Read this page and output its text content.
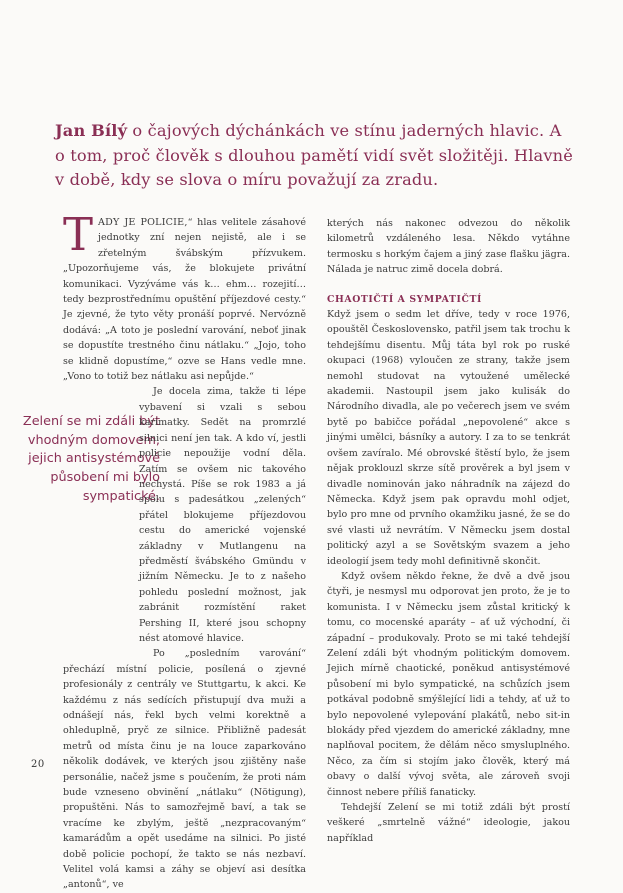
Jan Bílý o čajových dýchánkách ve stínu jaderných hlavic. A o tom, proč člověk s dlouhou pamětí vidí svět složitěji. Hlavně v době, kdy se slova o míru považují za zradu.
Zelení se mi zdáli být vhodným domovem, jejich antisystémové působení mi bylo sympatické.

TADY JE POLICIE,“ hlas velitele zásahové jednotky zní nejen nejistě, ale i se zřetelným švábským přízvukem. „Upozorňujeme vás, že blokujete privátní komunikaci. Vyzýváme vás k… ehm… rozejití… tedy bezprostřednímu opuštění příjezdové cesty.“ Je zjevné, že tyto věty pronáší poprvé. Nervózně dodává: „A toto je poslední varování, neboť jinak se dopustíte trestného činu nátlaku.“ „Jojo, toho se klidně dopustíme,“ ozve se Hans vedle mne. „Vono to totiž bez nátlaku asi nepůjde.“

Je docela zima, takže ti lépe vybavení si vzali s sebou karimatky. Sedět na promrzlé silnici není jen tak. A kdo ví, jestli policie nepoužije vodní děla. Zatím se ovšem nic takového nechystá. Píše se rok 1983 a já spolu s padesátkou „zelených“ přátel blokujeme příjezdovou cestu do americké vojenské základny v Mutlangenu na předměstí švábského Gmündu v jižním Německu. Je to z našeho pohledu poslední možnost, jak zabránit rozmístění raket Pershing II, které jsou schopny nést atomové hlavice.

Po „posledním varování“ přechází místní policie, posílená o zjevné profesionály z centrály ve Stuttgartu, k akci. Ke každému z nás sedících přistupují dva muži a odnášejí nás, řekl bych velmi korektně a ohleduplně, pryč ze silnice. Přibližně padesát metrů od místa činu je na louce zaparkováno několik dodávek, ve kterých jsou zjištěny naše personálie, načež jsme s poučením, že proti nám bude vzneseno obvinění „nátlaku“ (Nötigung), propuštěni. Nás to samozřejmě baví, a tak se vracíme ke zbylým, ještě „nezpracovaným“ kamarádům a opět usedáme na silnici. Po jisté době policie pochopí, že takto se nás nezbaví. Velitel volá kamsi a záhy se objeví asi desítka „antonů“, ve

kterých nás nakonec odvezou do několik kilometrů vzdáleného lesa. Někdo vytáhne termosku s horkým čajem a jiný zase flašku jägra. Nálada je natruc zimě docela dobrá.

CHAOTIČTÍ A SYMPATIČTÍ

Když jsem o sedm let dříve, tedy v roce 1976, opouštěl Československo, patřil jsem tak trochu k tehdejšímu disentu. Můj táta byl rok po ruské okupaci (1968) vyloučen ze strany, takže jsem nemohl studovat na vytoužené umělecké akademii. Nastoupil jsem jako kulisák do Národního divadla, ale po večerech jsem ve svém bytě po babičce pořádal „nepovolené“ akce s jinými umělci, básníky a autory. I za to se tenkrát ovšem zavíralo. Mé obrovské štěstí bylo, že jsem nějak proklouzl skrze sítě prověrek a byl jsem v divadle nominován jako náhradník na zájezd do Německa. Když jsem pak opravdu mohl odjet, bylo pro mne od prvního okamžiku jasné, že se do své vlasti už nevrátím. V Německu jsem dostal politický azyl a se Sovětským svazem a jeho ideologií jsem tedy mohl definitivně skončit.

Když ovšem někdo řekne, že dvě a dvě jsou čtyři, je nesmysl mu odporovat jen proto, že je to komunista. I v Německu jsem zůstal kritický k tomu, co mocenské aparáty – ať už východní, či západní – produkovaly. Proto se mi také tehdejší Zelení zdáli být vhodným politickým domovem. Jejich mírně chaotické, poněkud antisystémové působení mi bylo sympatické, na schůzích jsem potkával podobně smýšlející lidi a tehdy, ať už to bylo nepovolené vylepování plakátů, nebo sit-in blokády před vjezdem do americké základny, mne naplňoval pocitem, že dělám něco smysluplného. Něco, za čím si stojím jako člověk, který má obavy o další vývoj světa, ale zároveň svoji činnost nebere příliš fanaticky.

Tehdejší Zelení se mi totiž zdáli být prostí veškeré „smrtelně vážné“ ideologie, jakou například

20
